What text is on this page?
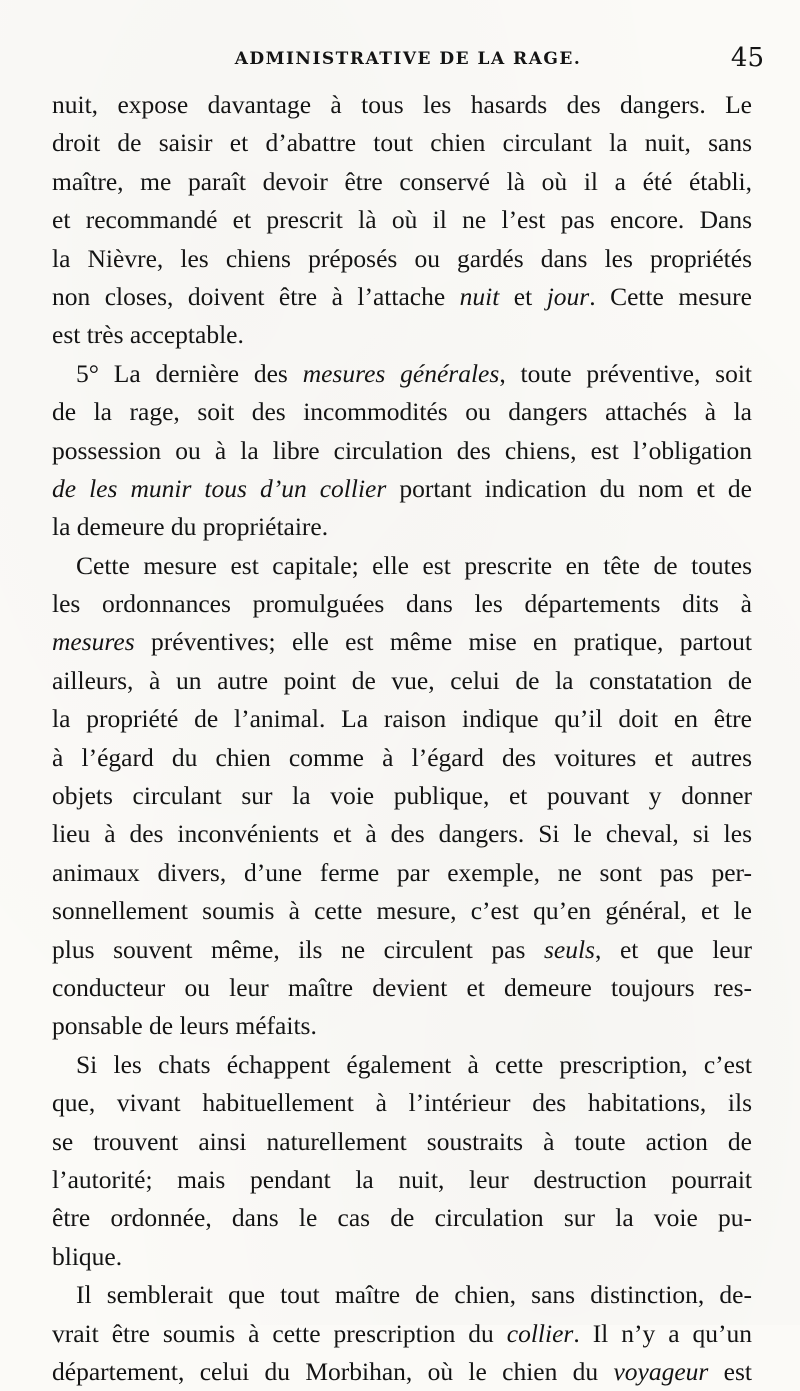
ADMINISTRATIVE DE LA RAGE.	45
nuit, expose davantage à tous les hasards des dangers. Le
droit de saisir et d’abattre tout chien circulant la nuit, sans
maître, me paraît devoir être conservé là où il a été établi,
et recommandé et prescrit là où il ne l’est pas encore. Dans
la Nièvre, les chiens préposés ou gardés dans les propriétés
non closes, doivent être à l’attache nuit et jour. Cette mesure
est très acceptable.
5° La dernière des mesures générales, toute préventive, soit
de la rage, soit des incommodités ou dangers attachés à la
possession ou à la libre circulation des chiens, est l’obligation
de les munir tous d’un collier portant indication du nom et de
la demeure du propriétaire.
Cette mesure est capitale; elle est prescrite en tête de toutes
les ordonnances promulguées dans les départements dits à
mesures préventives; elle est même mise en pratique, partout
ailleurs, à un autre point de vue, celui de la constatation de
la propriété de l’animal. La raison indique qu’il doit en être
à l’égard du chien comme à l’égard des voitures et autres
objets circulant sur la voie publique, et pouvant y donner
lieu à des inconvénients et à des dangers. Si le cheval, si les
animaux divers, d’une ferme par exemple, ne sont pas per-
sonnellement soumis à cette mesure, c’est qu’en général, et le
plus souvent même, ils ne circulent pas seuls, et que leur
conducteur ou leur maître devient et demeure toujours res-
ponsable de leurs méfaits.
Si les chats échappent également à cette prescription, c’est
que, vivant habituellement à l’intérieur des habitations, ils
se trouvent ainsi naturellement soustraits à toute action de
l’autorité; mais pendant la nuit, leur destruction pourrait
être ordonnée, dans le cas de circulation sur la voie pu-
blique.
Il semblerait que tout maître de chien, sans distinction, de-
vrait être soumis à cette prescription du collier. Il n’y a qu’un
département, celui du Morbihan, où le chien du voyageur est
